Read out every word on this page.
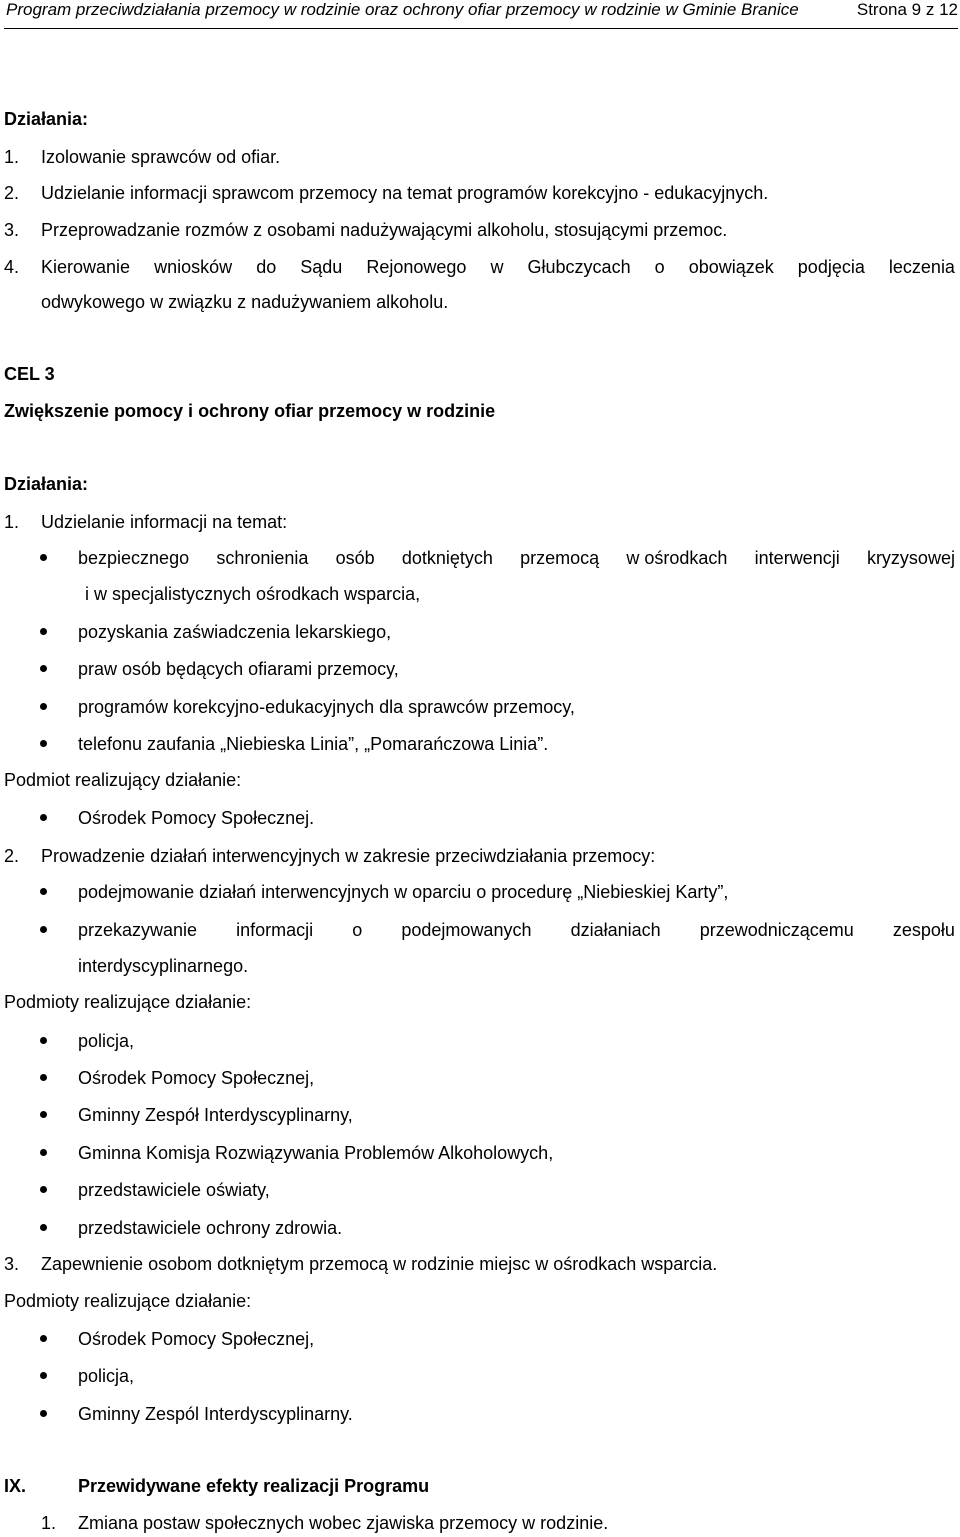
Program przeciwdziałania przemocy w rodzinie oraz ochrony ofiar przemocy w rodzinie w Gminie Branice	Strona 9 z 12
Działania:
1. Izolowanie sprawców od ofiar.
2. Udzielanie informacji sprawcom przemocy na temat programów korekcyjno - edukacyjnych.
3. Przeprowadzanie rozmów z osobami nadużywającymi alkoholu, stosującymi przemoc.
4. Kierowanie wniosków do Sądu Rejonowego w Głubczycach o obowiązek podjęcia leczenia
odwykowego w związku z nadużywaniem alkoholu.
CEL 3
Zwiększenie pomocy i ochrony ofiar przemocy w rodzinie
Działania:
1. Udzielanie informacji na temat:
bezpiecznego schronienia osób dotkniętych przemocą w ośrodkach interwencji kryzysowej
i w specjalistycznych ośrodkach wsparcia,
pozyskania zaświadczenia lekarskiego,
praw osób będących ofiarami przemocy,
programów korekcyjno-edukacyjnych dla sprawców przemocy,
telefonu zaufania „Niebieska Linia”, „Pomarańczowa Linia”.
Podmiot realizujący działanie:
Ośrodek Pomocy Społecznej.
2. Prowadzenie działań interwencyjnych w zakresie przeciwdziałania przemocy:
podejmowanie działań interwencyjnych w oparciu o procedurę „Niebieskiej Karty”,
przekazywanie informacji o podejmowanych działaniach przewodniczącemu zespołu
interdyscyplinarnego.
Podmioty realizujące działanie:
policja,
Ośrodek Pomocy Społecznej,
Gminny Zespół Interdyscyplinarny,
Gminna Komisja Rozwiązywania Problemów Alkoholowych,
przedstawiciele oświaty,
przedstawiciele ochrony zdrowia.
3. Zapewnienie osobom dotkniętym przemocą w rodzinie miejsc w ośrodkach wsparcia.
Podmioty realizujące działanie:
Ośrodek Pomocy Społecznej,
policja,
Gminny Zespól Interdyscyplinarny.
IX.	Przewidywane efekty realizacji Programu
1. Zmiana postaw społecznych wobec zjawiska przemocy w rodzinie.
